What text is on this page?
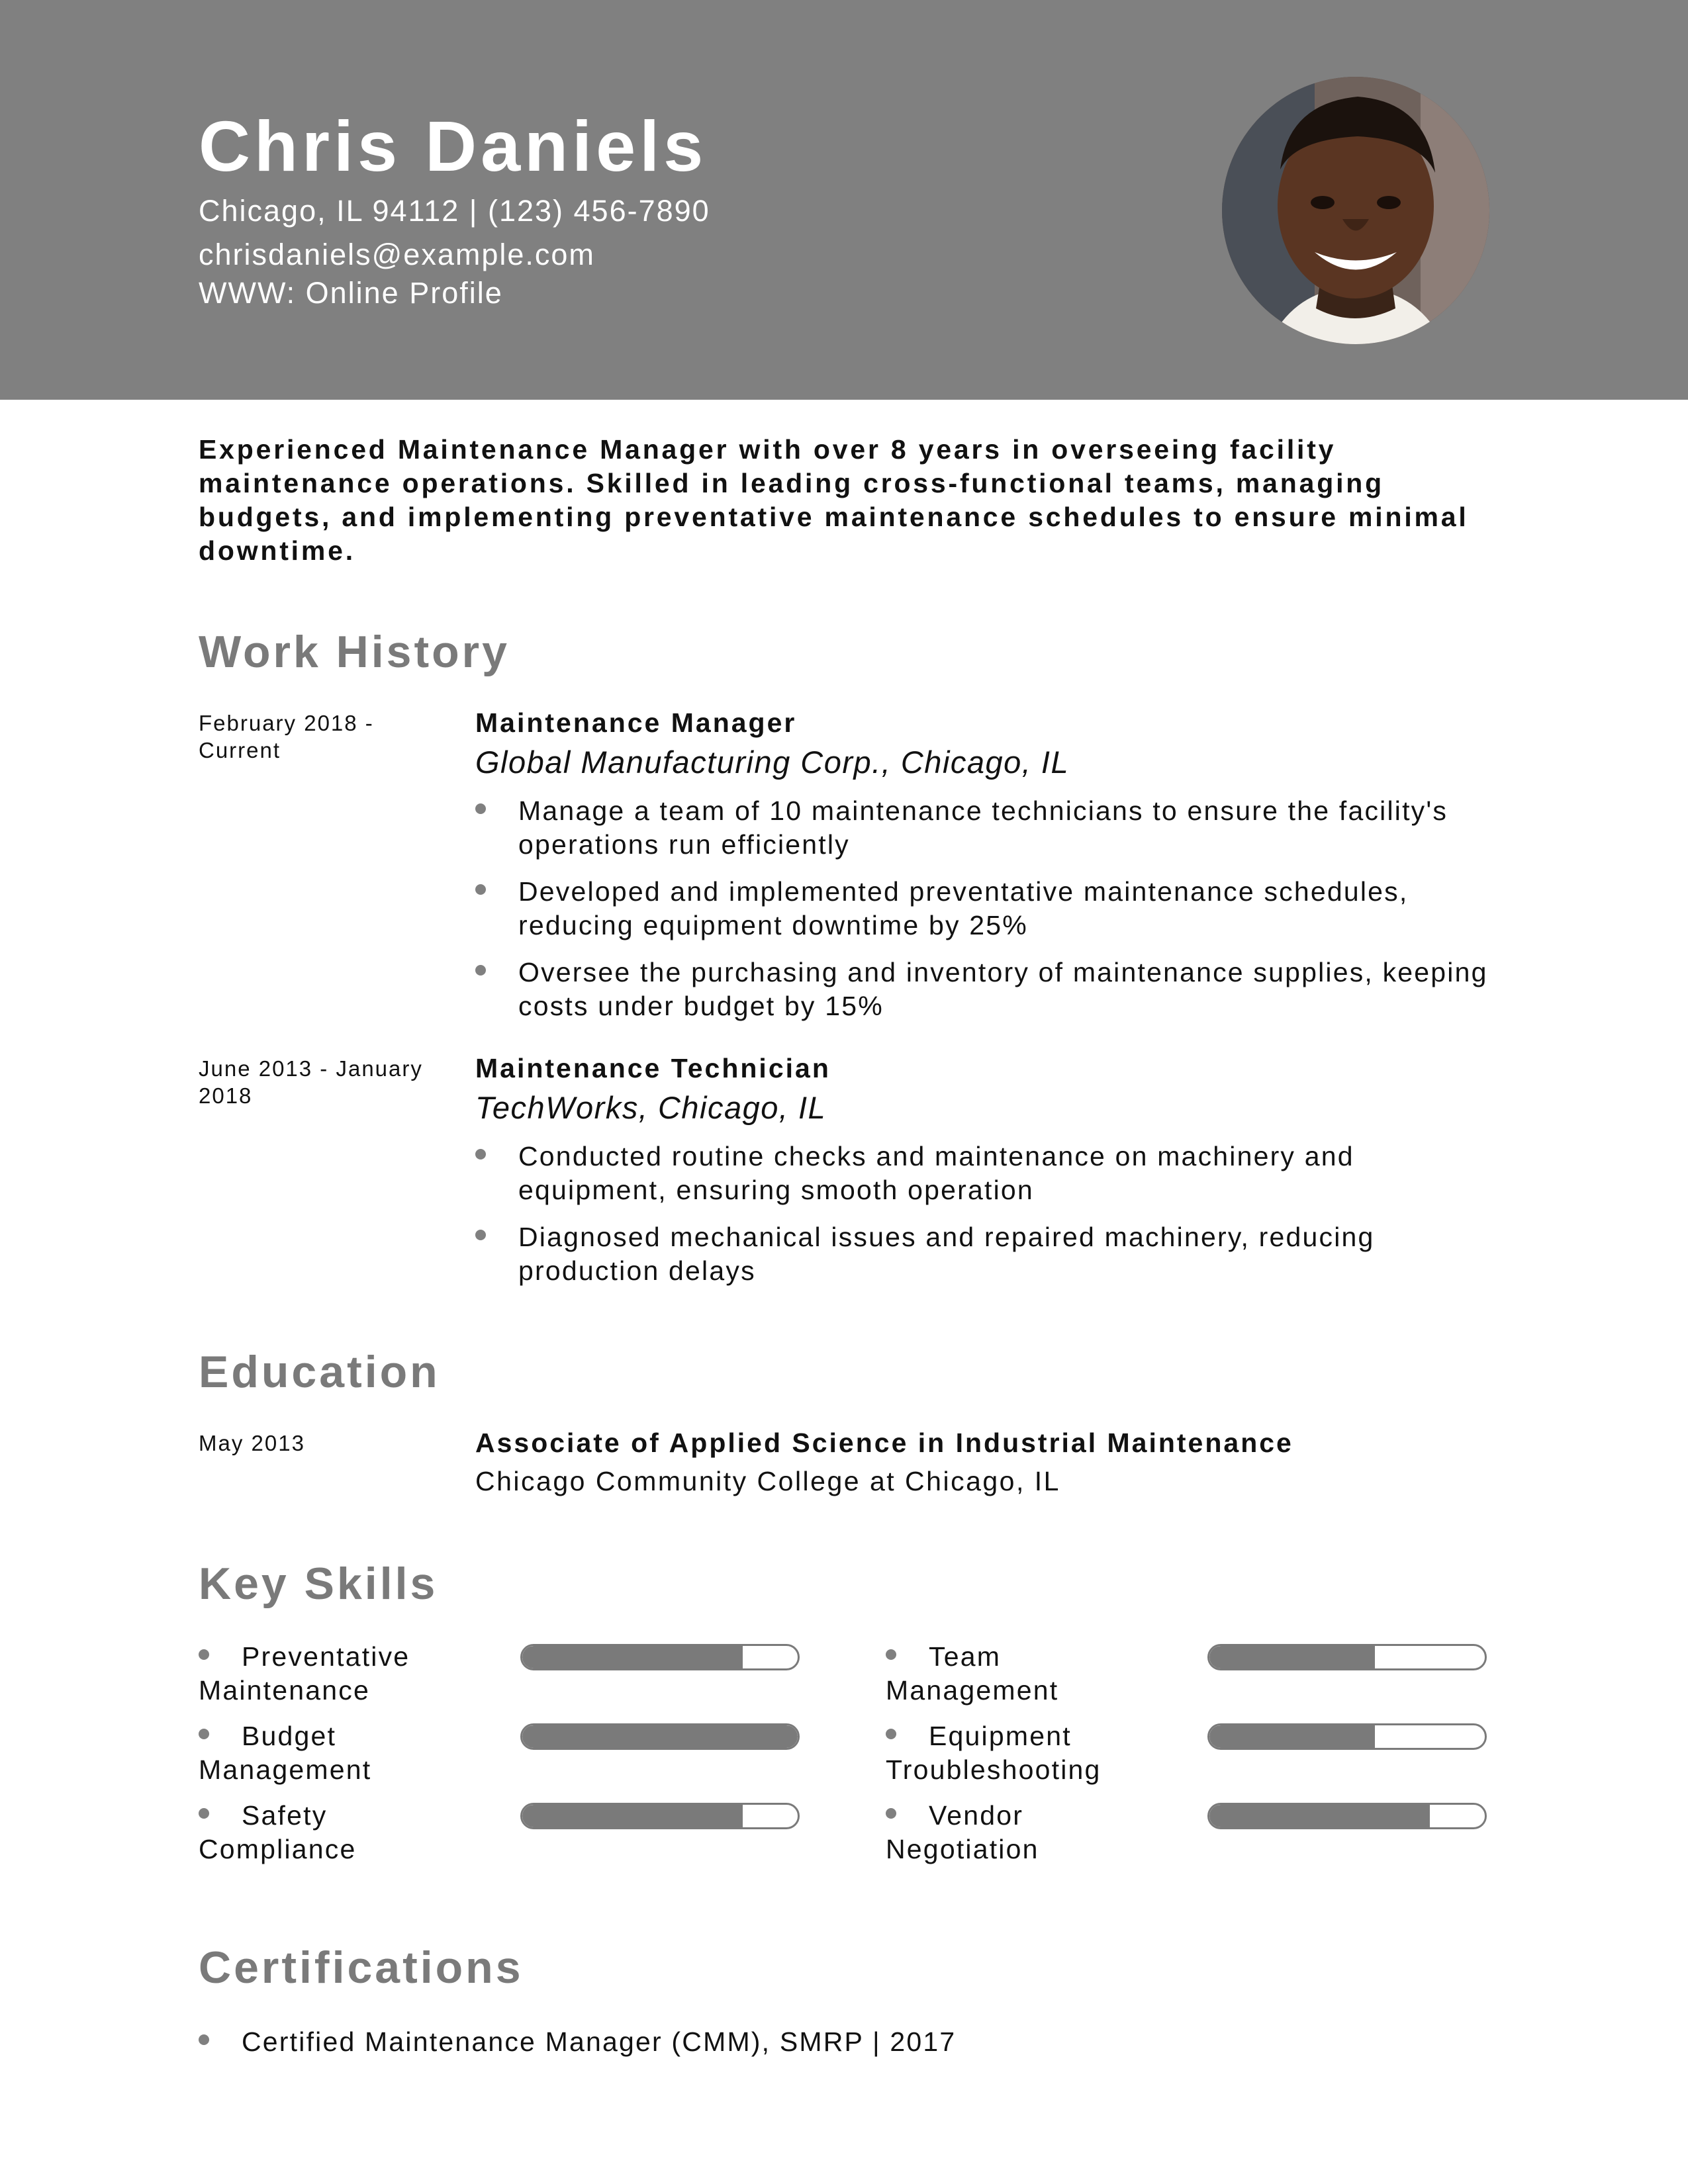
Chris Daniels
Chicago, IL 94112 | (123) 456-7890
chrisdaniels@example.com
WWW: Online Profile
Experienced Maintenance Manager with over 8 years in overseeing facility maintenance operations. Skilled in leading cross-functional teams, managing budgets, and implementing preventative maintenance schedules to ensure minimal downtime.
Work History
February 2018 - Current
Maintenance Manager
Global Manufacturing Corp., Chicago, IL
Manage a team of 10 maintenance technicians to ensure the facility's operations run efficiently
Developed and implemented preventative maintenance schedules, reducing equipment downtime by 25%
Oversee the purchasing and inventory of maintenance supplies, keeping costs under budget by 15%
June 2013 - January 2018
Maintenance Technician
TechWorks, Chicago, IL
Conducted routine checks and maintenance on machinery and equipment, ensuring smooth operation
Diagnosed mechanical issues and repaired machinery, reducing production delays
Education
May 2013	Associate of Applied Science in Industrial Maintenance
Chicago Community College at Chicago, IL
Key Skills
Preventative
Maintenance
Team
Management
Budget
Management
Equipment
Troubleshooting
Safety
Compliance
Vendor
Negotiation
Certifications
Certified Maintenance Manager (CMM), SMRP | 2017
